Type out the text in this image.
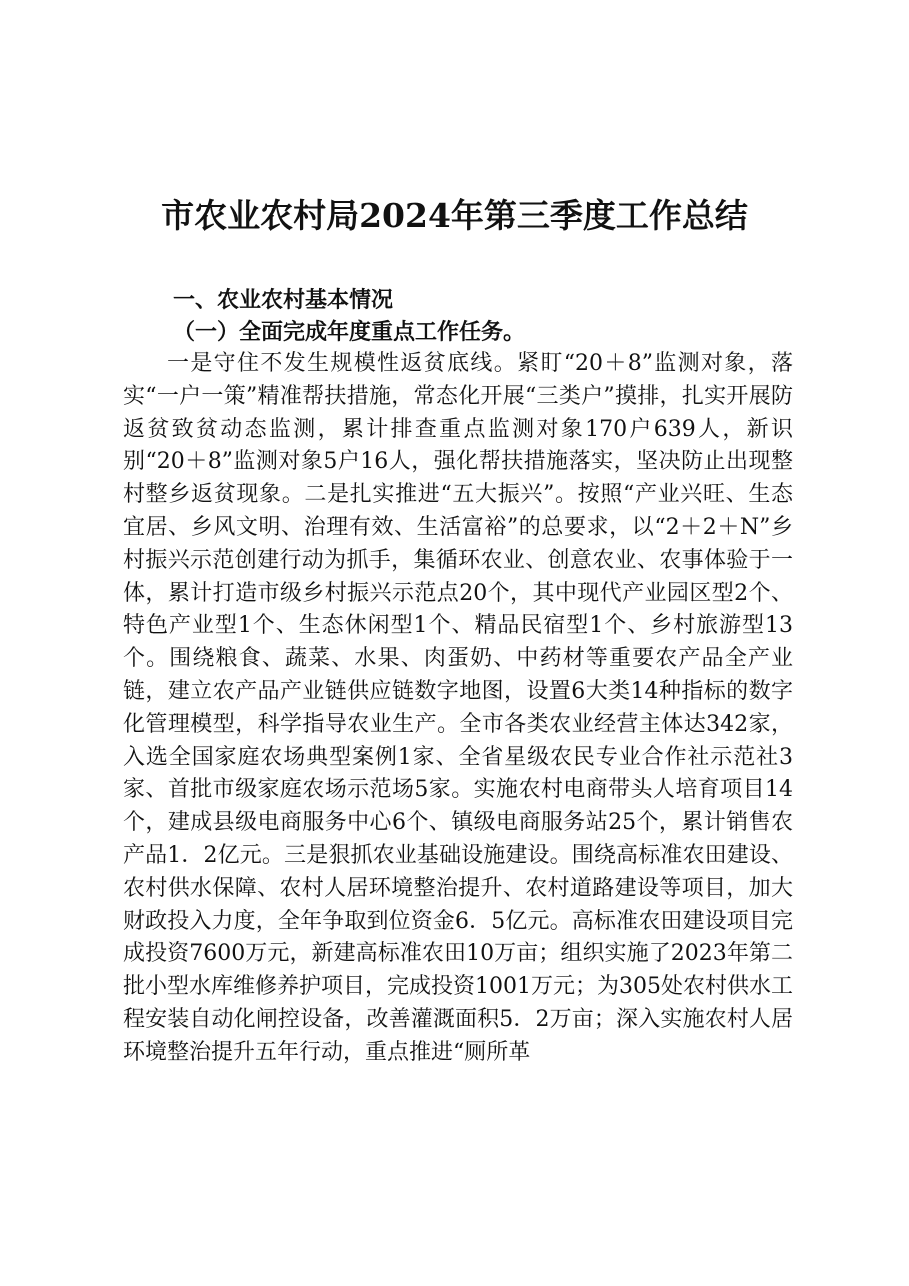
市农业农村局2024年第三季度工作总结
一、农业农村基本情况
（一）全面完成年度重点工作任务。

一是守住不发生规模性返贫底线。紧盯“20＋8”监测对象，落实“一户一策”精准帮扶措施，常态化开展“三类户”摸排，扎实开展防返贫致贫动态监测，累计排查重点监测对象170户639人，新识别“20＋8”监测对象5户16人，强化帮扶措施落实，坚决防止出现整村整乡返贫现象。二是扎实推进“五大振兴”。按照“产业兴旺、生态宜居、乡风文明、治理有效、生活富裕”的总要求，以“2＋2＋N”乡村振兴示范创建行动为抓手，集循环农业、创意农业、农事体验于一体，累计打造市级乡村振兴示范点20个，其中现代产业园区型2个、特色产业型1个、生态休闲型1个、精品民宿型1个、乡村旅游型13个。围绕粮食、蔬菜、水果、肉蛋奶、中药材等重要农产品全产业链，建立农产品产业链供应链数字地图，设置6大类14种指标的数字化管理模型，科学指导农业生产。全市各类农业经营主体达342家，入选全国家庭农场典型案例1家、全省星级农民专业合作社示范社3家、首批市级家庭农场示范场5家。实施农村电商带头人培育项目14个，建成县级电商服务中心6个、镇级电商服务站25个，累计销售农产品1．2亿元。三是狠抓农业基础设施建设。围绕高标准农田建设、农村供水保障、农村人居环境整治提升、农村道路建设等项目，加大财政投入力度，全年争取到位资金6．5亿元。高标准农田建设项目完成投资7600万元，新建高标准农田10万亩；组织实施了2023年第二批小型水库维修养护项目，完成投资1001万元；为305处农村供水工程安装自动化闸控设备，改善灌溉面积5．2万亩；深入实施农村人居环境整治提升五年行动，重点推进“厕所革
